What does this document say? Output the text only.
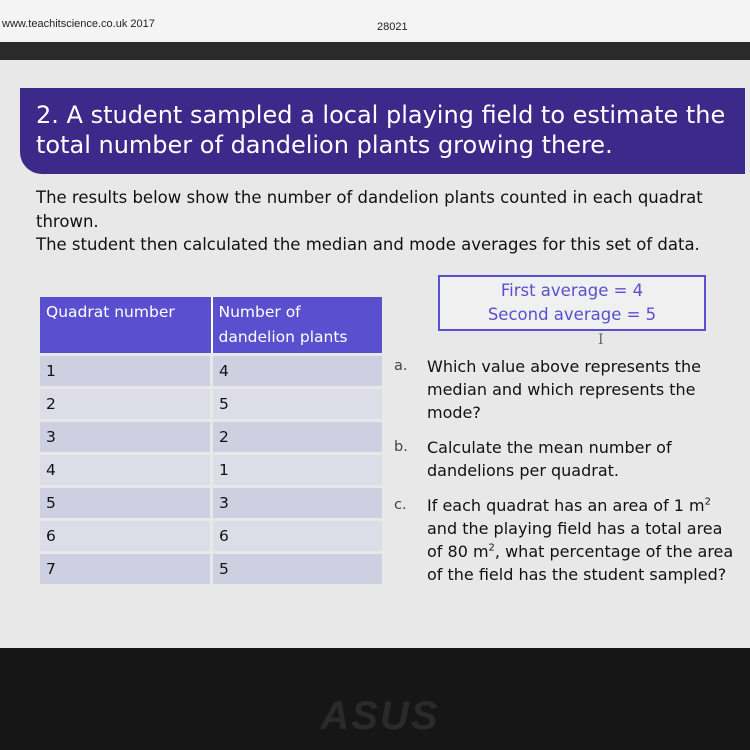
www.teachitscience.co.uk 2017	28021
2. A student sampled a local playing field to estimate the total number of dandelion plants growing there.

The results below show the number of dandelion plants counted in each quadrat thrown.

The student then calculated the median and mode averages for this set of data.

Quadrat number	Number of dandelion plants
1	4
2	5
3	2
4	1
5	3
6	6
7	5
First average = 4
Second average = 5
I
a. Which value above represents the median and which represents the mode?
b. Calculate the mean number of dandelions per quadrat.
c. If each quadrat has an area of 1 $m^2$ and the playing field has a total area of 80 $m^2$, what percentage of the area of the field has the student sampled?
ASUS
